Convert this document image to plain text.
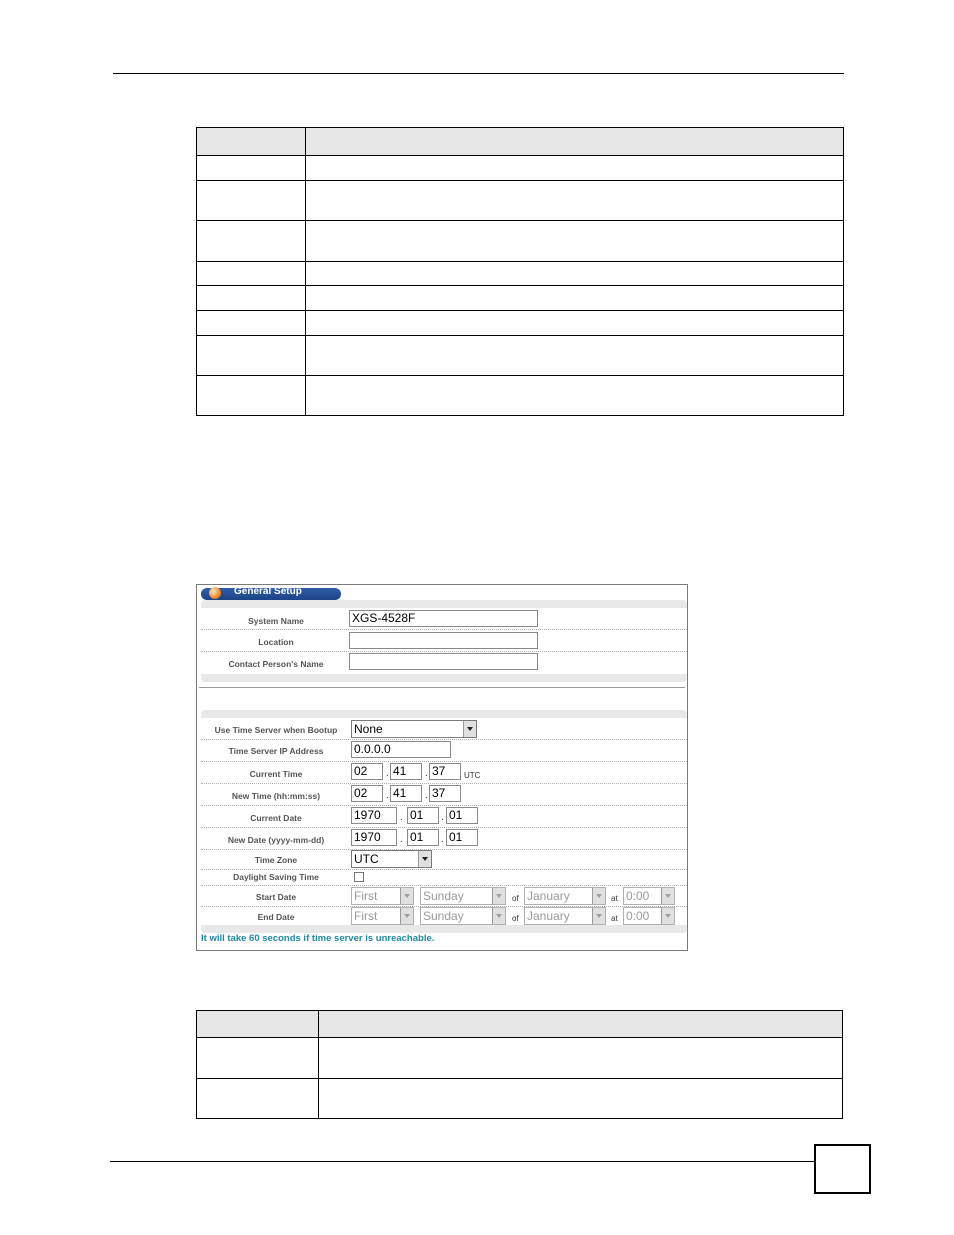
General Setup
System Name	XGS-4528F
Location
Contact Person's Name
Use Time Server when Bootup	None
Time Server IP Address	0.0.0.0
Current Time	02	. 41	. 37	UTC
New Time (hh:mm:ss)	02	. 41	. 37
Current Date	1970	. 01	. 01
New Date (yyyy-mm-dd)	1970	. 01	. 01
Time Zone	UTC
Daylight Saving Time
Start Date	First	Sunday	of January	at 0:00
End Date	First	Sunday	of January	at 0:00
It will take 60 seconds if time server is unreachable.
